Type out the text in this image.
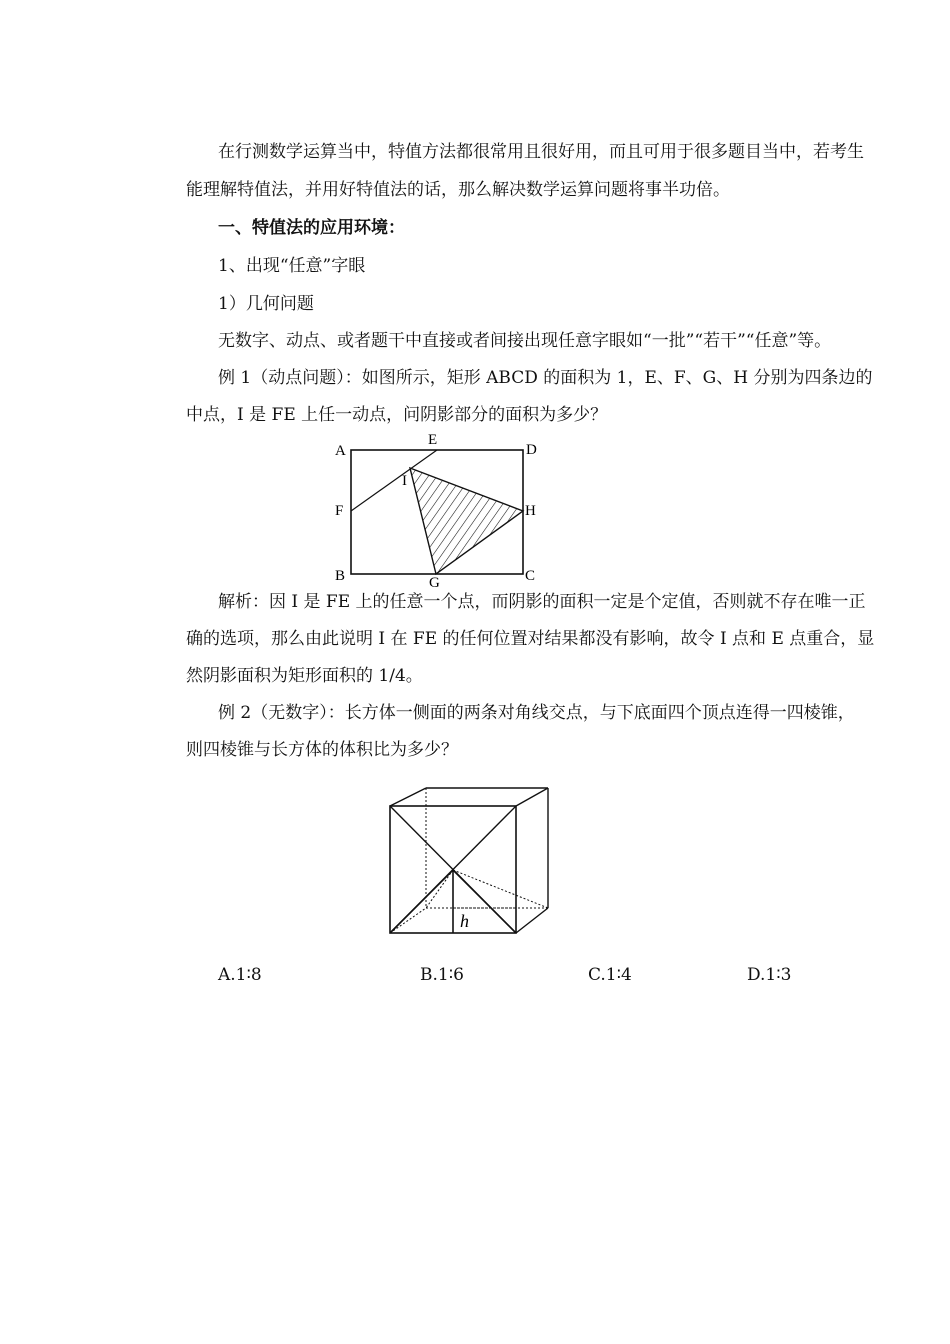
在行测数学运算当中，特值方法都很常用且很好用，而且可用于很多题目当中，若考生
能理解特值法，并用好特值法的话，那么解决数学运算问题将事半功倍。
一、特值法的应用环境：
1、出现“任意”字眼
1）几何问题
无数字、动点、或者题干中直接或者间接出现任意字眼如“一批”“若干”“任意”等。
例 1（动点问题）：如图所示，矩形 ABCD 的面积为 1，E、F、G、H 分别为四条边的
中点，I 是 FE 上任一动点，问阴影部分的面积为多少？
A
E
D
I
F	H
B	G	C
解析：因 I 是 FE 上的任意一个点，而阴影的面积一定是个定值，否则就不存在唯一正
确的选项，那么由此说明 I 在 FE 的任何位置对结果都没有影响，故令 I 点和 E 点重合，显
然阴影面积为矩形面积的 1/4。
例 2（无数字）：长方体一侧面的两条对角线交点，与下底面四个顶点连得一四棱锥，
则四棱锥与长方体的体积比为多少？
h
A.1∶8	B.1∶6	C.1∶4	D.1∶3
